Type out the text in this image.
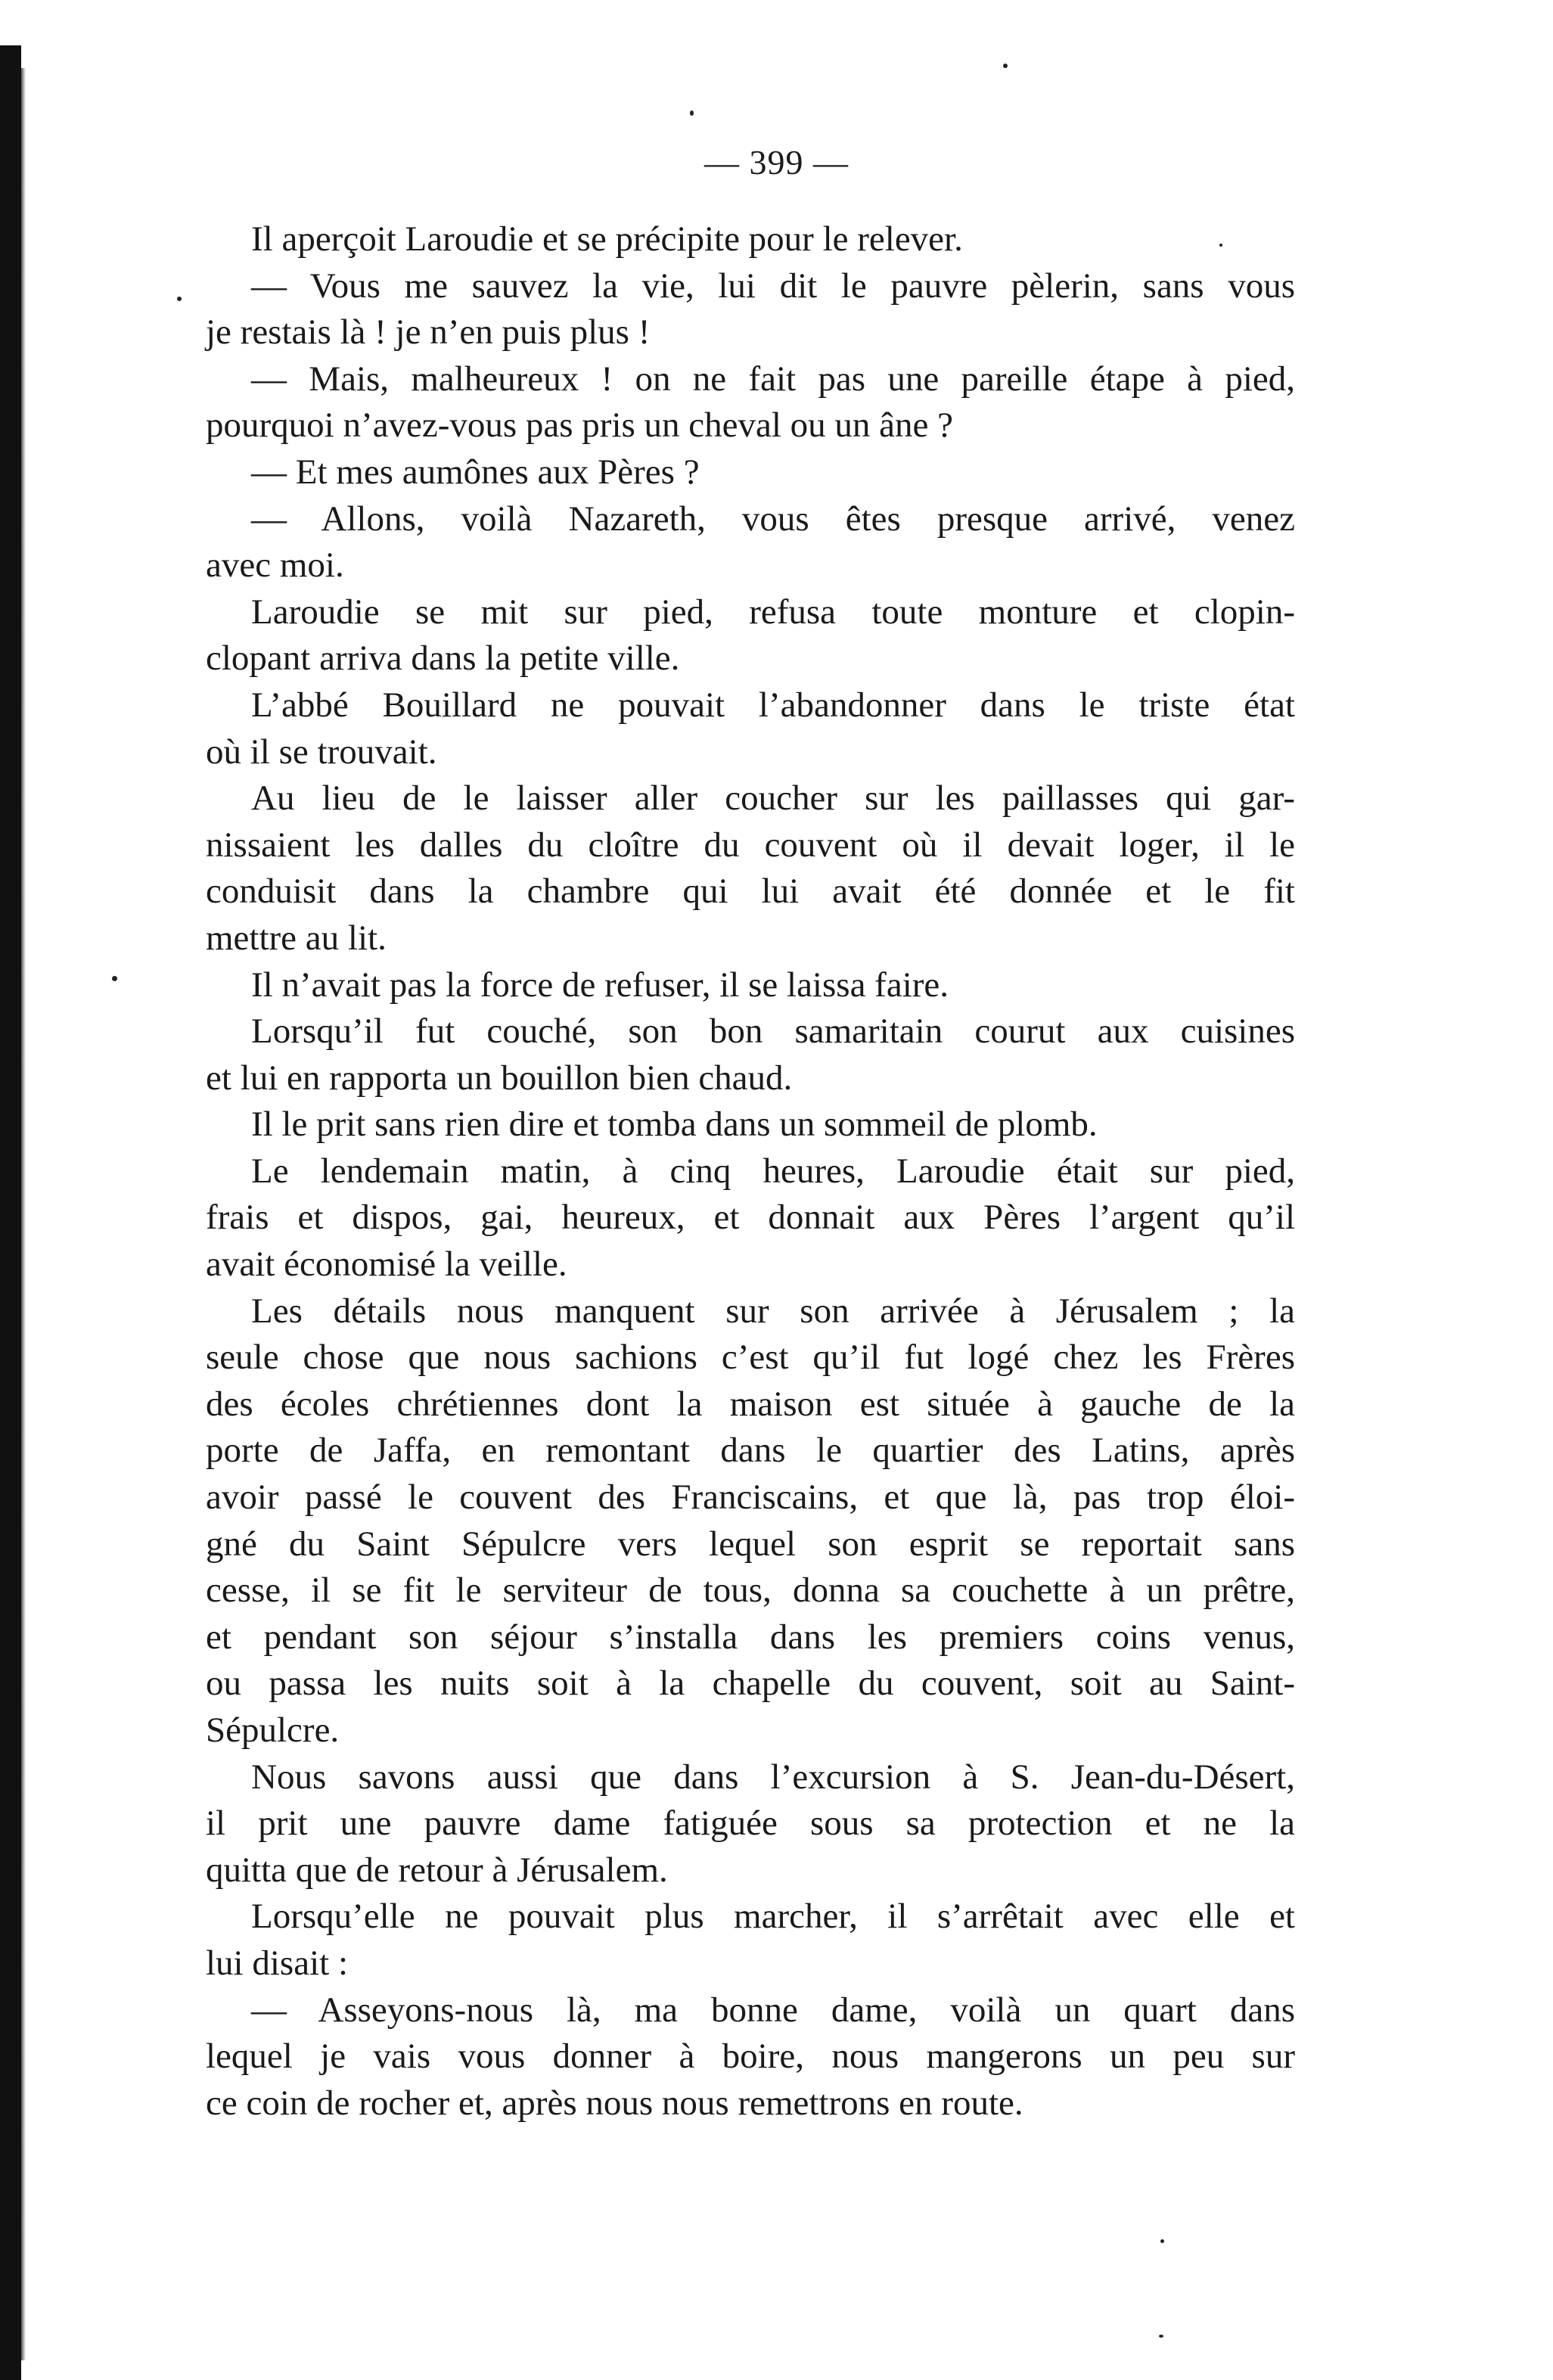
— 399 —
Il aperçoit Laroudie et se précipite pour le relever.
— Vous me sauvez la vie, lui dit le pauvre pèlerin, sans vous
je restais là ! je n’en puis plus !
— Mais, malheureux ! on ne fait pas une pareille étape à pied,
pourquoi n’avez-vous pas pris un cheval ou un âne ?
— Et mes aumônes aux Pères ?
— Allons, voilà Nazareth, vous êtes presque arrivé, venez
avec moi.
Laroudie se mit sur pied, refusa toute monture et clopin-
clopant arriva dans la petite ville.
L’abbé Bouillard ne pouvait l’abandonner dans le triste état
où il se trouvait.
Au lieu de le laisser aller coucher sur les paillasses qui gar-
nissaient les dalles du cloître du couvent où il devait loger, il le
conduisit dans la chambre qui lui avait été donnée et le fit
mettre au lit.
Il n’avait pas la force de refuser, il se laissa faire.
Lorsqu’il fut couché, son bon samaritain courut aux cuisines
et lui en rapporta un bouillon bien chaud.
Il le prit sans rien dire et tomba dans un sommeil de plomb.
Le lendemain matin, à cinq heures, Laroudie était sur pied,
frais et dispos, gai, heureux, et donnait aux Pères l’argent qu’il
avait économisé la veille.
Les détails nous manquent sur son arrivée à Jérusalem ; la
seule chose que nous sachions c’est qu’il fut logé chez les Frères
des écoles chrétiennes dont la maison est située à gauche de la
porte de Jaffa, en remontant dans le quartier des Latins, après
avoir passé le couvent des Franciscains, et que là, pas trop éloi-
gné du Saint Sépulcre vers lequel son esprit se reportait sans
cesse, il se fit le serviteur de tous, donna sa couchette à un prêtre,
et pendant son séjour s’installa dans les premiers coins venus,
ou passa les nuits soit à la chapelle du couvent, soit au Saint-
Sépulcre.
Nous savons aussi que dans l’excursion à S. Jean-du-Désert,
il prit une pauvre dame fatiguée sous sa protection et ne la
quitta que de retour à Jérusalem.
Lorsqu’elle ne pouvait plus marcher, il s’arrêtait avec elle et
lui disait :
— Asseyons-nous là, ma bonne dame, voilà un quart dans
lequel je vais vous donner à boire, nous mangerons un peu sur
ce coin de rocher et, après nous nous remettrons en route.
